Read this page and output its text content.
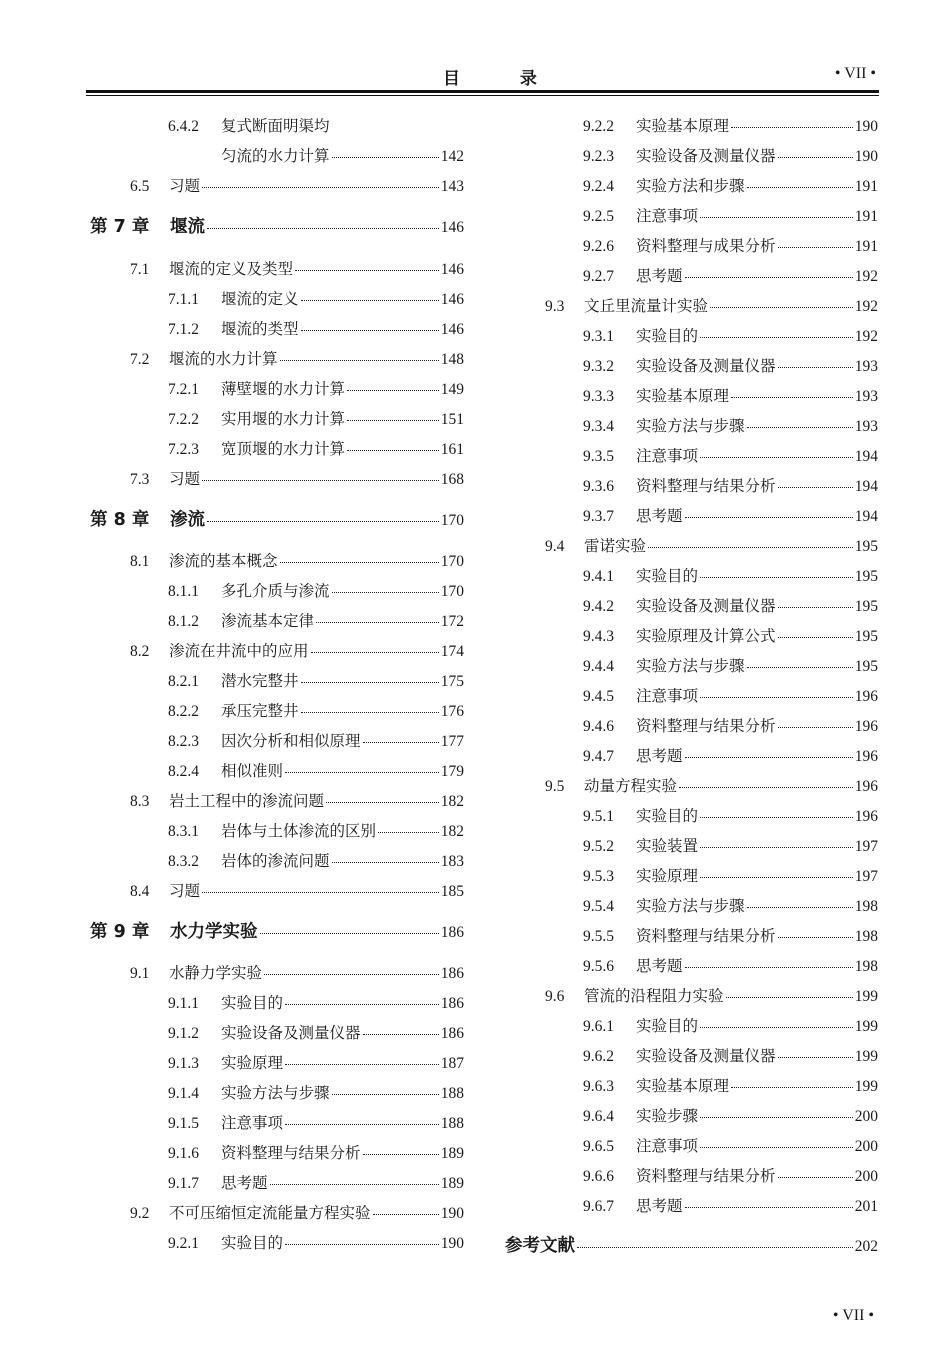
目	录	• VII •
6.4.2	复式断面明渠均
匀流的水力计算	142
6.5	习题	143
第 7 章	堰流	146
7.1	堰流的定义及类型	146
7.1.1	堰流的定义	146
7.1.2	堰流的类型	146
7.2	堰流的水力计算	148
7.2.1	薄壁堰的水力计算	149
7.2.2	实用堰的水力计算	151
7.2.3	宽顶堰的水力计算	161
7.3	习题	168
第 8 章	渗流	170
8.1	渗流的基本概念	170
8.1.1	多孔介质与渗流	170
8.1.2	渗流基本定律	172
8.2	渗流在井流中的应用	174
8.2.1	潜水完整井	175
8.2.2	承压完整井	176
8.2.3	因次分析和相似原理	177
8.2.4	相似准则	179
8.3	岩土工程中的渗流问题	182
8.3.1	岩体与土体渗流的区别	182
8.3.2	岩体的渗流问题	183
8.4	习题	185
第 9 章	水力学实验	186
9.1	水静力学实验	186
9.1.1	实验目的	186
9.1.2	实验设备及测量仪器	186
9.1.3	实验原理	187
9.1.4	实验方法与步骤	188
9.1.5	注意事项	188
9.1.6	资料整理与结果分析	189
9.1.7	思考题	189
9.2	不可压缩恒定流能量方程实验	190
9.2.1	实验目的	190
9.2.2	实验基本原理	190
9.2.3	实验设备及测量仪器	190
9.2.4	实验方法和步骤	191
9.2.5	注意事项	191
9.2.6	资料整理与成果分析	191
9.2.7	思考题	192
9.3	文丘里流量计实验	192
9.3.1	实验目的	192
9.3.2	实验设备及测量仪器	193
9.3.3	实验基本原理	193
9.3.4	实验方法与步骤	193
9.3.5	注意事项	194
9.3.6	资料整理与结果分析	194
9.3.7	思考题	194
9.4	雷诺实验	195
9.4.1	实验目的	195
9.4.2	实验设备及测量仪器	195
9.4.3	实验原理及计算公式	195
9.4.4	实验方法与步骤	195
9.4.5	注意事项	196
9.4.6	资料整理与结果分析	196
9.4.7	思考题	196
9.5	动量方程实验	196
9.5.1	实验目的	196
9.5.2	实验装置	197
9.5.3	实验原理	197
9.5.4	实验方法与步骤	198
9.5.5	资料整理与结果分析	198
9.5.6	思考题	198
9.6	管流的沿程阻力实验	199
9.6.1	实验目的	199
9.6.2	实验设备及测量仪器	199
9.6.3	实验基本原理	199
9.6.4	实验步骤	200
9.6.5	注意事项	200
9.6.6	资料整理与结果分析	200
9.6.7	思考题	201
参考文献	202
• VII •
